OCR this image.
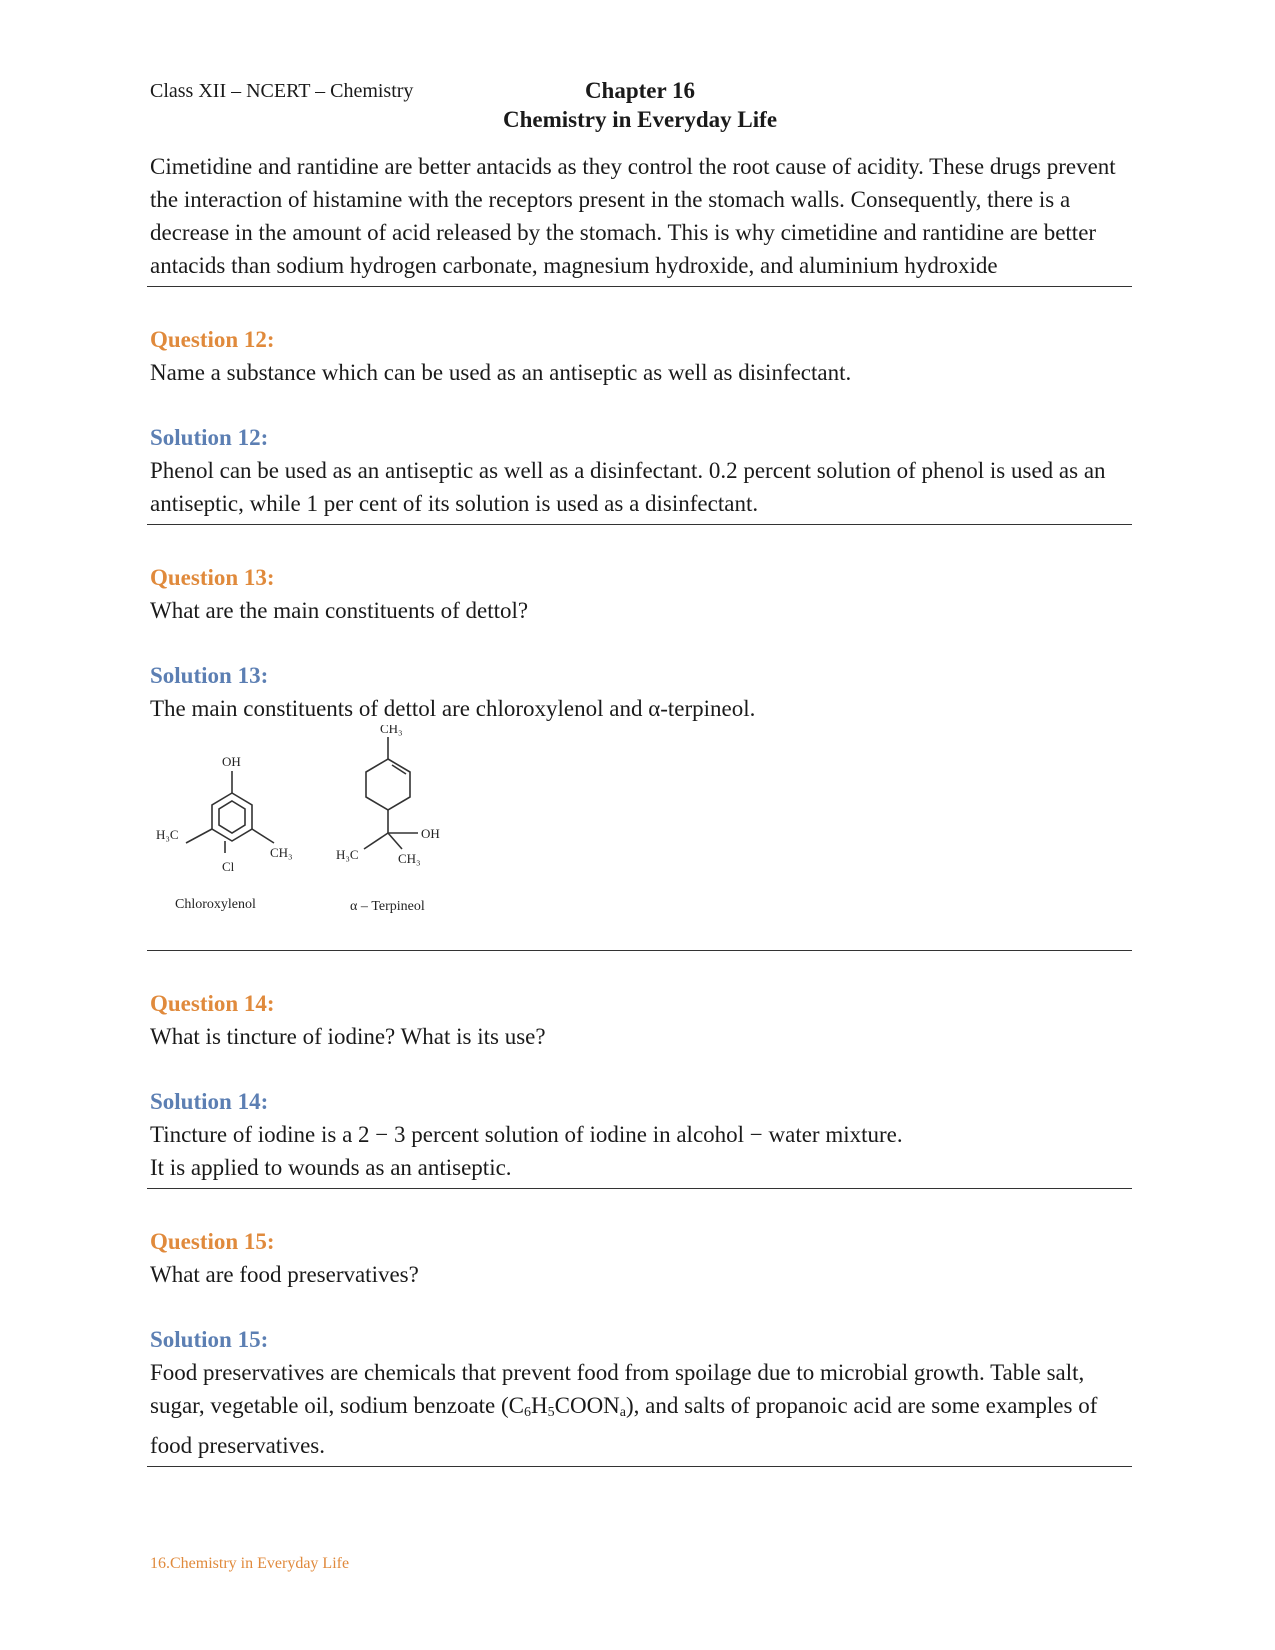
Class XII – NCERT – Chemistry	Chapter 16
Chemistry in Everyday Life

Cimetidine and rantidine are better antacids as they control the root cause of acidity. These drugs prevent the interaction of histamine with the receptors present in the stomach walls. Consequently, there is a decrease in the amount of acid released by the stomach. This is why cimetidine and rantidine are better antacids than sodium hydrogen carbonate, magnesium hydroxide, and aluminium hydroxide

Question 12:

Name a substance which can be used as an antiseptic as well as disinfectant.

Solution 12:

Phenol can be used as an antiseptic as well as a disinfectant. 0.2 percent solution of phenol is used as an antiseptic, while 1 per cent of its solution is used as a disinfectant.

Question 13:

What are the main constituents of dettol?

Solution 13:

The main constituents of dettol are chloroxylenol and α-terpineol.

OH
H₃C
CH₃
Cl
Chloroxylenol
CH₃
OH
H₃C	CH₃
α – Terpineol

Question 14:

What is tincture of iodine? What is its use?

Solution 14:

Tincture of iodine is a 2 − 3 percent solution of iodine in alcohol − water mixture.

It is applied to wounds as an antiseptic.

Question 15:

What are food preservatives?

Solution 15:

Food preservatives are chemicals that prevent food from spoilage due to microbial growth. Table salt, sugar, vegetable oil, sodium benzoate $(C_6H_5COON_a)$, and salts of propanoic acid are some examples of food preservatives.

16.Chemistry in Everyday Life
